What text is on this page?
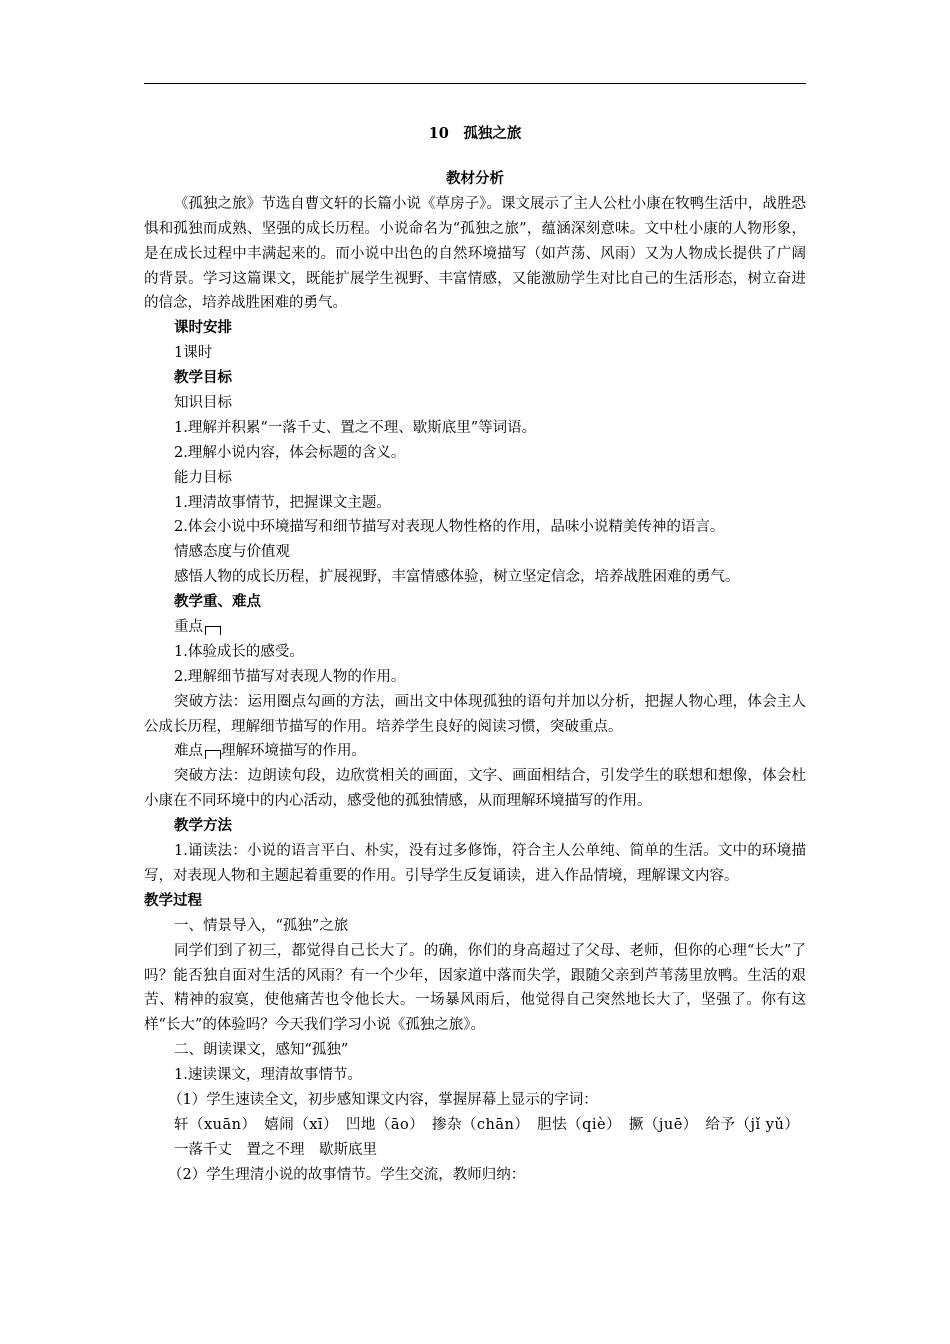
10　孤独之旅
教材分析
《孤独之旅》节选自曹文轩的长篇小说《草房子》。课文展示了主人公杜小康在牧鸭生活中，战胜恐惧和孤独而成熟、坚强的成长历程。小说命名为“孤独之旅”，蕴涵深刻意味。文中杜小康的人物形象，是在成长过程中丰满起来的。而小说中出色的自然环境描写（如芦荡、风雨）又为人物成长提供了广阔的背景。学习这篇课文，既能扩展学生视野、丰富情感，又能激励学生对比自己的生活形态，树立奋进的信念，培养战胜困难的勇气。
课时安排
1课时
教学目标
知识目标
1.理解并积累“一落千丈、置之不理、歇斯底里”等词语。
2.理解小说内容，体会标题的含义。
能力目标
1.理清故事情节，把握课文主题。
2.体会小说中环境描写和细节描写对表现人物性格的作用，品味小说精美传神的语言。
情感态度与价值观
感悟人物的成长历程，扩展视野，丰富情感体验，树立坚定信念，培养战胜困难的勇气。
教学重、难点
重点
1.体验成长的感受。
2.理解细节描写对表现人物的作用。
突破方法：运用圈点勾画的方法，画出文中体现孤独的语句并加以分析，把握人物心理，体会主人公成长历程，理解细节描写的作用。培养学生良好的阅读习惯，突破重点。
难点 理解环境描写的作用。
突破方法：边朗读句段，边欣赏相关的画面，文字、画面相结合，引发学生的联想和想像，体会杜小康在不同环境中的内心活动，感受他的孤独情感，从而理解环境描写的作用。
教学方法
1.诵读法：小说的语言平白、朴实，没有过多修饰，符合主人公单纯、简单的生活。文中的环境描写，对表现人物和主题起着重要的作用。引导学生反复诵读，进入作品情境，理解课文内容。
教学过程
一、情景导入，“孤独”之旅
同学们到了初三，都觉得自己长大了。的确，你们的身高超过了父母、老师，但你的心理“长大”了吗？能否独自面对生活的风雨？有一个少年，因家道中落而失学，跟随父亲到芦苇荡里放鸭。生活的艰苦、精神的寂寞，使他痛苦也令他长大。一场暴风雨后，他觉得自己突然地长大了，坚强了。你有这样“长大”的体验吗？今天我们学习小说《孤独之旅》。
二、朗读课文，感知“孤独”
1.速读课文，理清故事情节。
（1）学生速读全文，初步感知课文内容，掌握屏幕上显示的字词：
轩（xuān）　嬉闹（xī）　凹地（āo）　掺杂（chān）　胆怯（qiè）　撅（juē）　给予（jǐ yǔ）
一落千丈　置之不理　歇斯底里
（2）学生理清小说的故事情节。学生交流，教师归纳：
